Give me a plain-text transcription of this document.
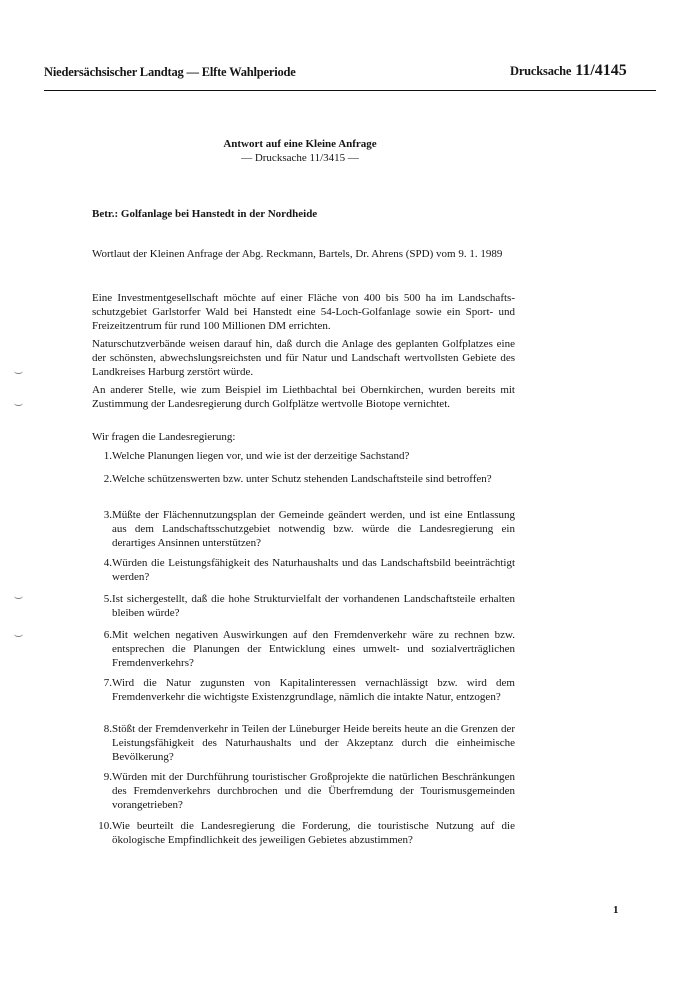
Niedersächsischer Landtag — Elfte Wahlperiode	Drucksache 11/4145
Antwort auf eine Kleine Anfrage
— Drucksache 11/3415 —
Betr.: Golfanlage bei Hanstedt in der Nordheide
Wortlaut der Kleinen Anfrage der Abg. Reckmann, Bartels, Dr. Ahrens (SPD) vom 9. 1. 1989
Eine Investmentgesellschaft möchte auf einer Fläche von 400 bis 500 ha im Landschaftsschutzgebiet Garlstorfer Wald bei Hanstedt eine 54-Loch-Golfanlage sowie ein Sport- und Freizeitzentrum für rund 100 Millionen DM errichten.
Naturschutzverbände weisen darauf hin, daß durch die Anlage des geplanten Golfplatzes eine der schönsten, abwechslungsreichsten und für Natur und Landschaft wertvollsten Gebiete des Landkreises Harburg zerstört würde.
An anderer Stelle, wie zum Beispiel im Liethbachtal bei Obernkirchen, wurden bereits mit Zustimmung der Landesregierung durch Golfplätze wertvolle Biotope vernichtet.
Wir fragen die Landesregierung:
1. Welche Planungen liegen vor, und wie ist der derzeitige Sachstand?
2. Welche schützenswerten bzw. unter Schutz stehenden Landschaftsteile sind betroffen?
3. Müßte der Flächennutzungsplan der Gemeinde geändert werden, und ist eine Entlassung aus dem Landschaftsschutzgebiet notwendig bzw. würde die Landesregierung ein derartiges Ansinnen unterstützen?
4. Würden die Leistungsfähigkeit des Naturhaushalts und das Landschaftsbild beeinträchtigt werden?
5. Ist sichergestellt, daß die hohe Strukturvielfalt der vorhandenen Landschaftsteile erhalten bleiben würde?
6. Mit welchen negativen Auswirkungen auf den Fremdenverkehr wäre zu rechnen bzw. entsprechen die Planungen der Entwicklung eines umwelt- und sozialverträglichen Fremdenverkehrs?
7. Wird die Natur zugunsten von Kapitalinteressen vernachlässigt bzw. wird dem Fremdenverkehr die wichtigste Existenzgrundlage, nämlich die intakte Natur, entzogen?
8. Stößt der Fremdenverkehr in Teilen der Lüneburger Heide bereits heute an die Grenzen der Leistungsfähigkeit des Naturhaushalts und der Akzeptanz durch die einheimische Bevölkerung?
9. Würden mit der Durchführung touristischer Großprojekte die natürlichen Beschränkungen des Fremdenverkehrs durchbrochen und die Überfremdung der Tourismusgemeinden vorangetrieben?
10. Wie beurteilt die Landesregierung die Forderung, die touristische Nutzung auf die ökologische Empfindlichkeit des jeweiligen Gebietes abzustimmen?
1
